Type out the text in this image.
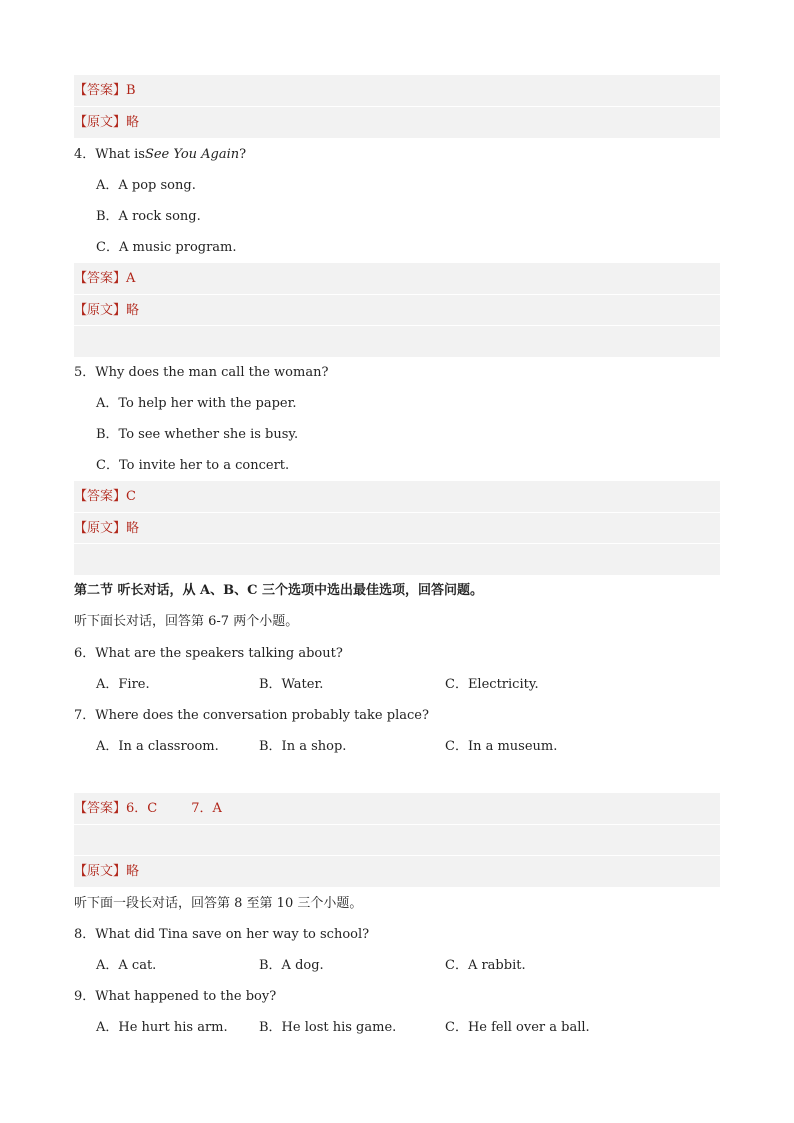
【答案】 B
【原文】 略
4． What is See You Again ?
A．A pop song.
B．A rock song.
C．A music program.
【答案】 A
【原文】 略
5． Why does the man call the woman?
A．To help her with the paper.
B．To see whether she is busy.
C．To invite her to a concert.
【答案】 C
【原文】 略
第二节 听长对话，从 A、B、C 三个选项中选出最佳选项，回答问题。
听下面长对话，回答第 6-7 两个小题。
6． What are the speakers talking about?
A．Fire.	B．Water.	C．Electricity.
7． Where does the conversation probably take place?
A．In a classroom.	B．In a shop.	C．In a museum.
【答案】 6．C	7．A
【原文】 略
听下面一段长对话，回答第 8 至第 10 三个小题。
8． What did Tina save on her way to school?
A．A cat.	B．A dog.	C．A rabbit.
9． What happened to the boy?
A．He hurt his arm.	B．He lost his game.	C．He fell over a ball.
